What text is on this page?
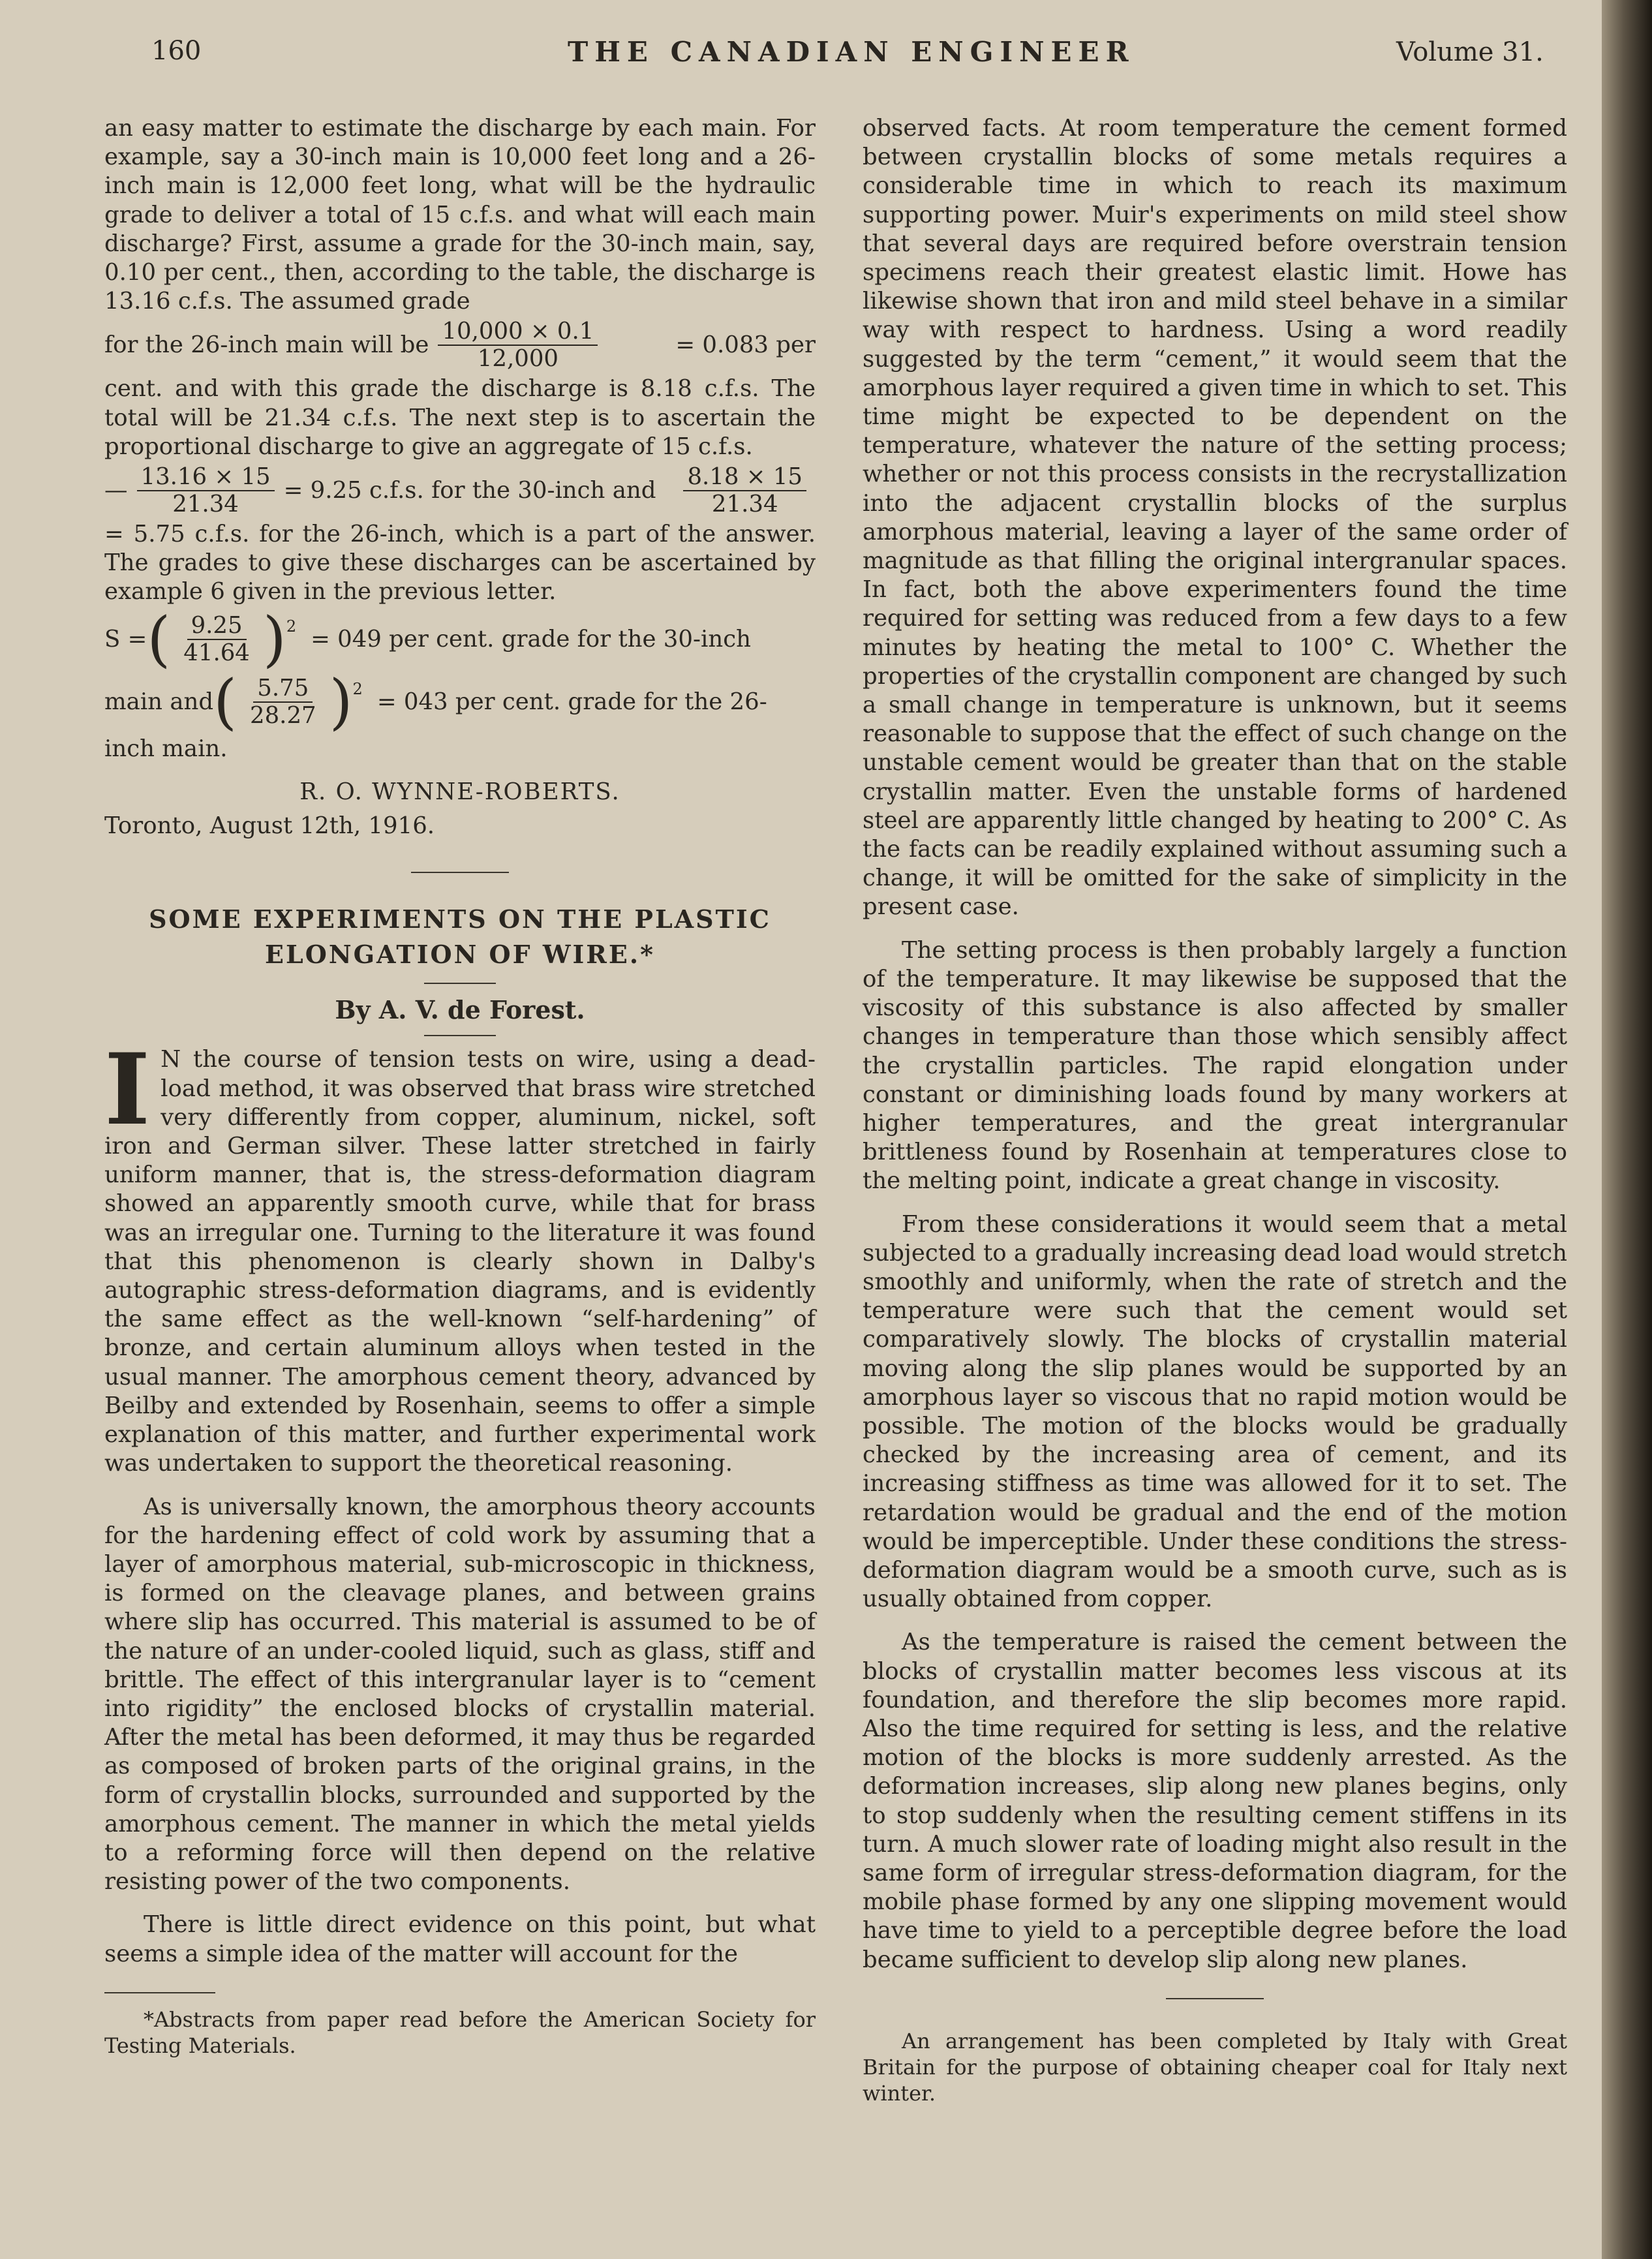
160	THE CANADIAN ENGINEER	Volume 31.

an easy matter to estimate the discharge by each main. For example, say a 30-inch main is 10,000 feet long and a 26-inch main is 12,000 feet long, what will be the hydraulic grade to deliver a total of 15 c.f.s. and what will each main discharge? First, assume a grade for the 30-inch main, say, 0.10 per cent., then, according to the table, the discharge is 13.16 c.f.s. The assumed grade

for the 26-inch main will be $\frac{10,000 \times 0.1}{12,000}$	= 0.083 per

cent. and with this grade the discharge is 8.18 c.f.s. The total will be 21.34 c.f.s. The next step is to ascertain the proportional discharge to give an aggregate of 15 c.f.s.

— $\frac{13.16 \times 15}{21.34} = 9.25$ c.f.s. for the 30-inch and $\frac{8.18 \times 15}{21.34}$

= 5.75 c.f.s. for the 26-inch, which is a part of the answer. The grades to give these discharges can be ascertained by example 6 given in the previous letter.

S = ( $\frac{9.25}{41.64}$ ) 2 = 049 per cent. grade for the 30-inch
main and ( $\frac{5.75}{28.27}$ ) 2 = 043 per cent. grade for the 26-

inch main.

R. O. WYNNE-ROBERTS.

Toronto, August 12th, 1916.

SOME EXPERIMENTS ON THE PLASTIC
ELONGATION OF WIRE.*
By A. V. de Forest.
I N the course of tension tests on wire, using a dead-load method, it was observed that brass wire stretched very differently from copper, aluminum, nickel, soft iron and German silver. These latter stretched in fairly uniform manner, that is, the stress-deformation diagram showed an apparently smooth curve, while that for brass was an irregular one. Turning to the literature it was found that this phenomenon is clearly shown in Dalby's autographic stress-deformation diagrams, and is evidently the same effect as the well-known “self-hardening” of bronze, and certain aluminum alloys when tested in the usual manner. The amorphous cement theory, advanced by Beilby and extended by Rosenhain, seems to offer a simple explanation of this matter, and further experimental work was undertaken to support the theoretical reasoning.

As is universally known, the amorphous theory accounts for the hardening effect of cold work by assuming that a layer of amorphous material, sub-microscopic in thickness, is formed on the cleavage planes, and between grains where slip has occurred. This material is assumed to be of the nature of an under-cooled liquid, such as glass, stiff and brittle. The effect of this intergranular layer is to “cement into rigidity” the enclosed blocks of crystallin material. After the metal has been deformed, it may thus be regarded as composed of broken parts of the original grains, in the form of crystallin blocks, surrounded and supported by the amorphous cement. The manner in which the metal yields to a reforming force will then depend on the relative resisting power of the two components.

There is little direct evidence on this point, but what seems a simple idea of the matter will account for the

*Abstracts from paper read before the American Society for Testing Materials.

observed facts. At room temperature the cement formed between crystallin blocks of some metals requires a considerable time in which to reach its maximum supporting power. Muir's experiments on mild steel show that several days are required before overstrain tension specimens reach their greatest elastic limit. Howe has likewise shown that iron and mild steel behave in a similar way with respect to hardness. Using a word readily suggested by the term “cement,” it would seem that the amorphous layer required a given time in which to set. This time might be expected to be dependent on the temperature, whatever the nature of the setting process; whether or not this process consists in the recrystallization into the adjacent crystallin blocks of the surplus amorphous material, leaving a layer of the same order of magnitude as that filling the original intergranular spaces. In fact, both the above experimenters found the time required for setting was reduced from a few days to a few minutes by heating the metal to 100° C. Whether the properties of the crystallin component are changed by such a small change in temperature is unknown, but it seems reasonable to suppose that the effect of such change on the unstable cement would be greater than that on the stable crystallin matter. Even the unstable forms of hardened steel are apparently little changed by heating to 200° C. As the facts can be readily explained without assuming such a change, it will be omitted for the sake of simplicity in the present case.

The setting process is then probably largely a function of the temperature. It may likewise be supposed that the viscosity of this substance is also affected by smaller changes in temperature than those which sensibly affect the crystallin particles. The rapid elongation under constant or diminishing loads found by many workers at higher temperatures, and the great intergranular brittleness found by Rosenhain at temperatures close to the melting point, indicate a great change in viscosity.

From these considerations it would seem that a metal subjected to a gradually increasing dead load would stretch smoothly and uniformly, when the rate of stretch and the temperature were such that the cement would set comparatively slowly. The blocks of crystallin material moving along the slip planes would be supported by an amorphous layer so viscous that no rapid motion would be possible. The motion of the blocks would be gradually checked by the increasing area of cement, and its increasing stiffness as time was allowed for it to set. The retardation would be gradual and the end of the motion would be imperceptible. Under these conditions the stress-deformation diagram would be a smooth curve, such as is usually obtained from copper.

As the temperature is raised the cement between the blocks of crystallin matter becomes less viscous at its foundation, and therefore the slip becomes more rapid. Also the time required for setting is less, and the relative motion of the blocks is more suddenly arrested. As the deformation increases, slip along new planes begins, only to stop suddenly when the resulting cement stiffens in its turn. A much slower rate of loading might also result in the same form of irregular stress-deformation diagram, for the mobile phase formed by any one slipping movement would have time to yield to a perceptible degree before the load became sufficient to develop slip along new planes.

An arrangement has been completed by Italy with Great Britain for the purpose of obtaining cheaper coal for Italy next winter.
